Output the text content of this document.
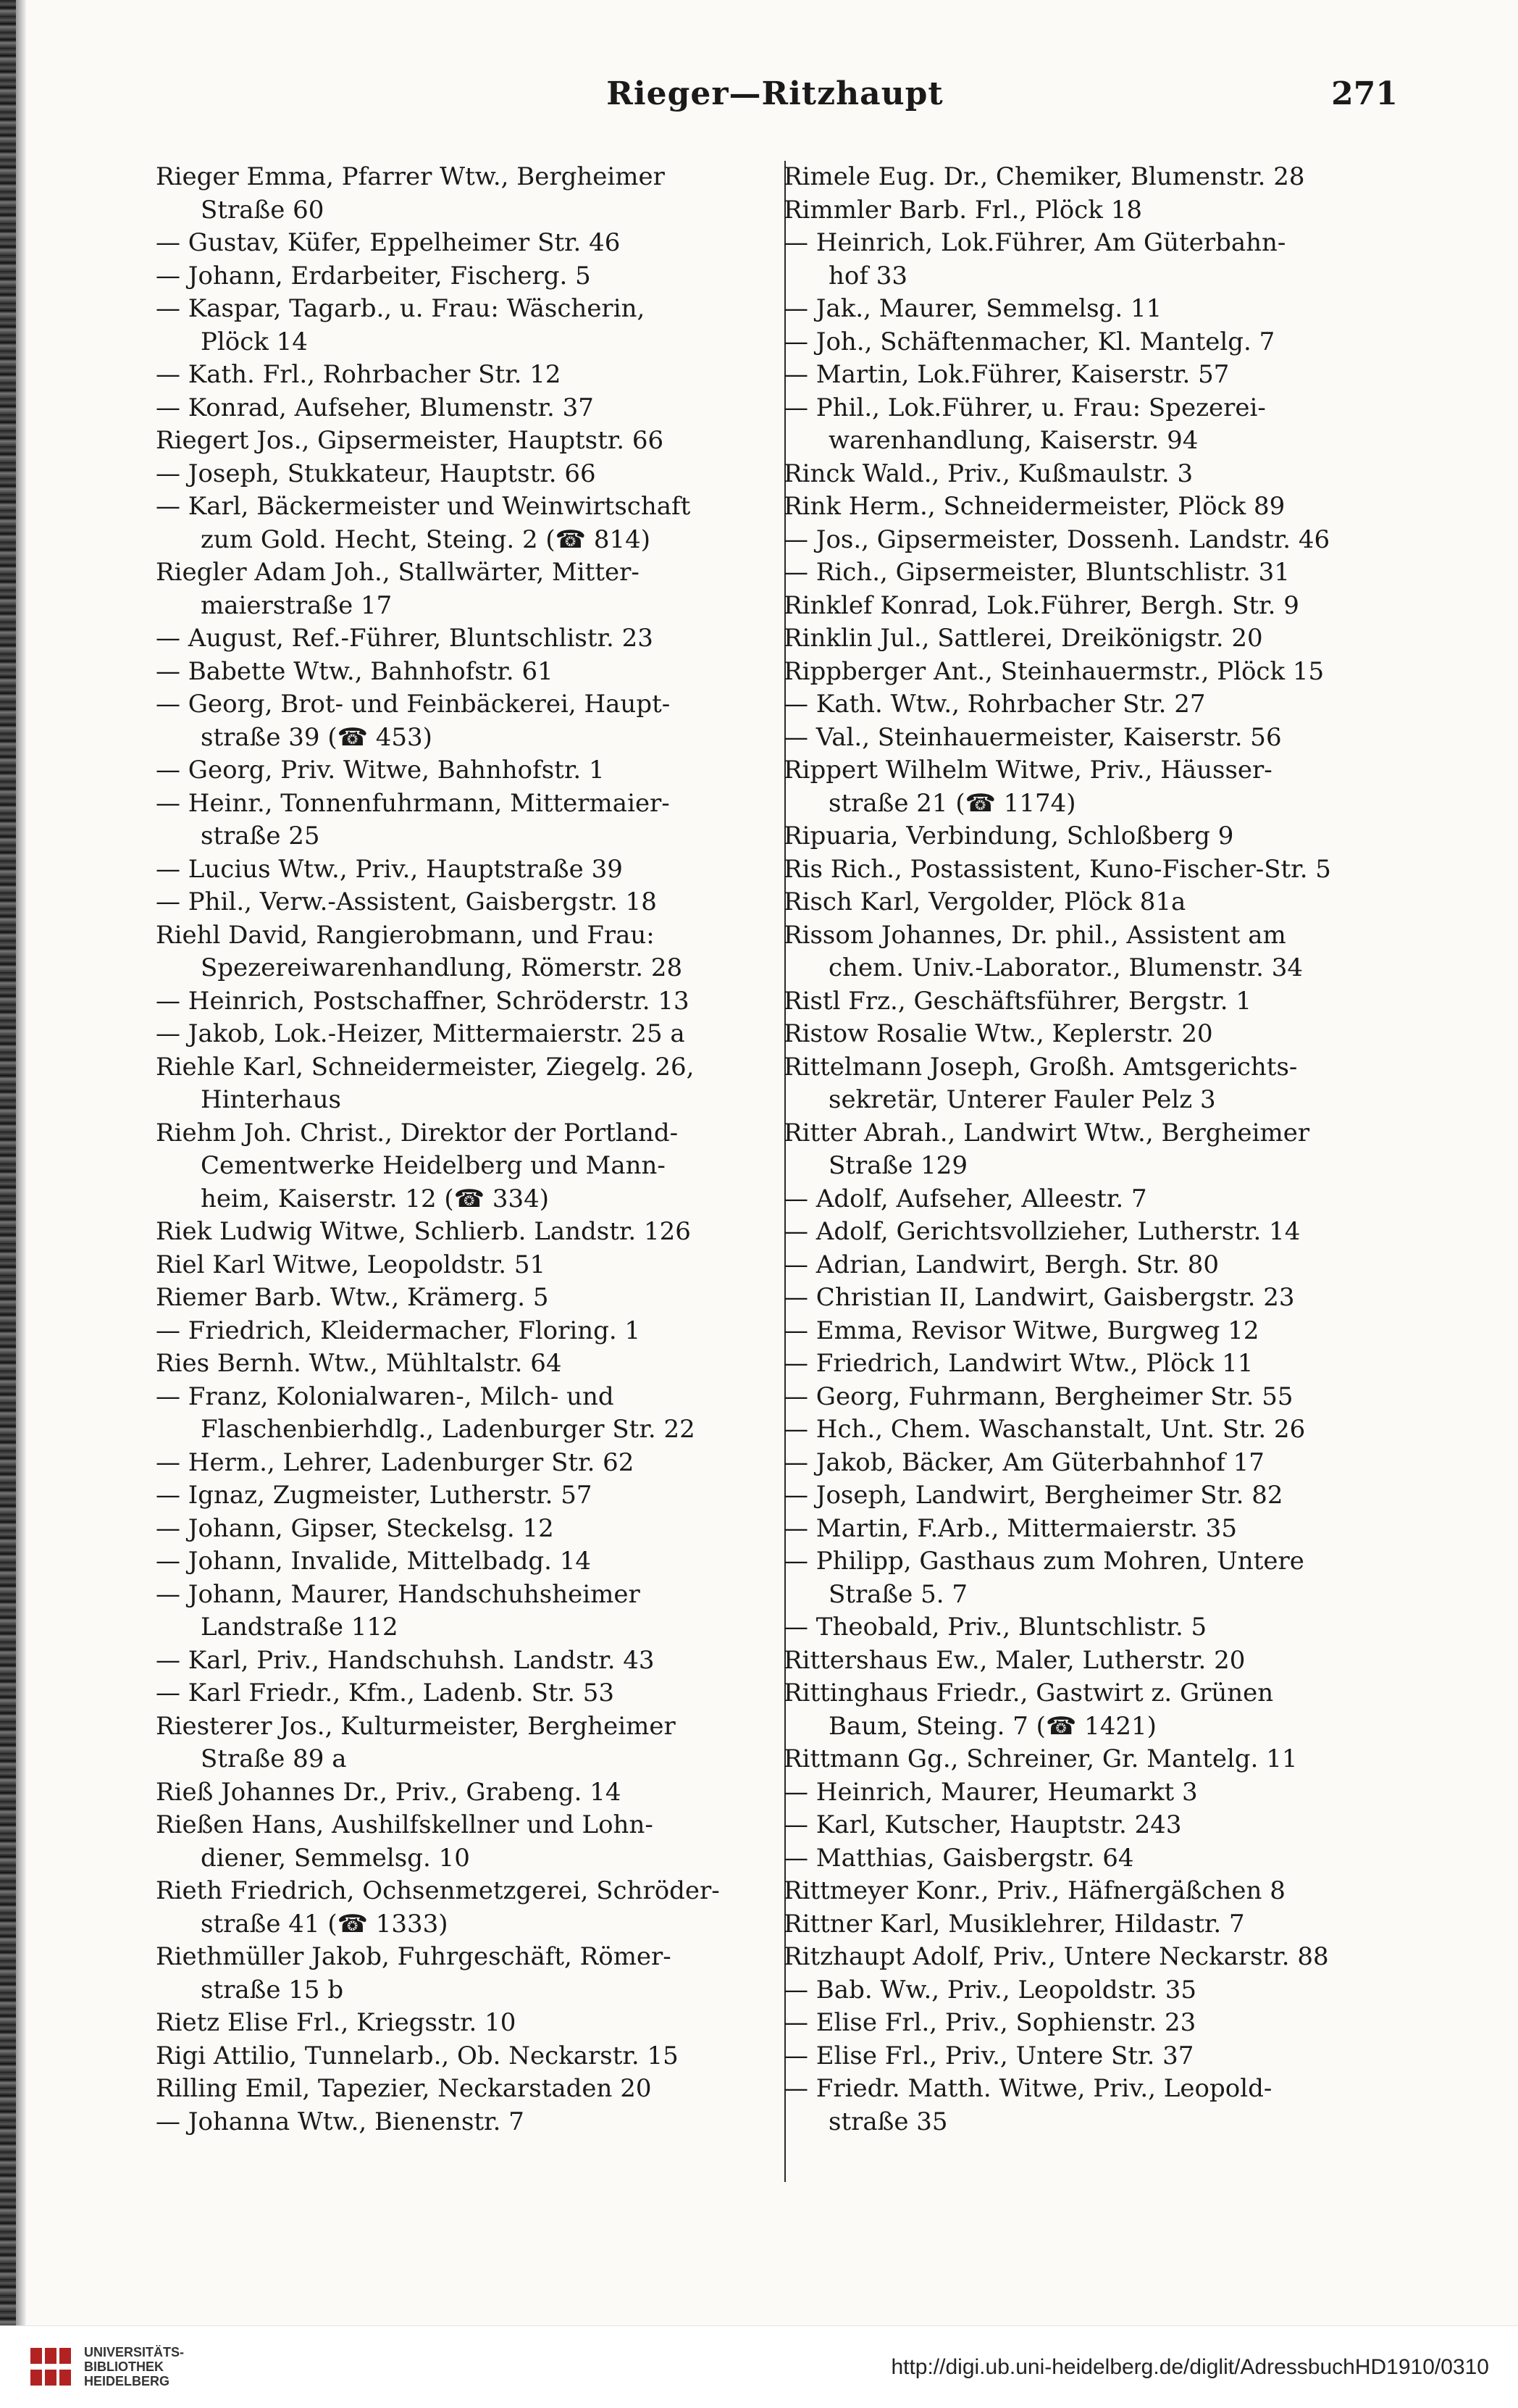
Rieger—Ritzhaupt	271
Rieger Emma, Pfarrer Wtw., Bergheimer
Straße 60
— Gustav, Küfer, Eppelheimer Str. 46
— Johann, Erdarbeiter, Fischerg. 5
— Kaspar, Tagarb., u. Frau: Wäscherin,
Plöck 14
— Kath. Frl., Rohrbacher Str. 12
— Konrad, Aufseher, Blumenstr. 37
Riegert Jos., Gipsermeister, Hauptstr. 66
— Joseph, Stukkateur, Hauptstr. 66
— Karl, Bäckermeister und Weinwirtschaft
zum Gold. Hecht, Steing. 2 (☎ 814)
Riegler Adam Joh., Stallwärter, Mitter-
maierstraße 17
— August, Ref.-Führer, Bluntschlistr. 23
— Babette Wtw., Bahnhofstr. 61
— Georg, Brot- und Feinbäckerei, Haupt-
straße 39 (☎ 453)
— Georg, Priv. Witwe, Bahnhofstr. 1
— Heinr., Tonnenfuhrmann, Mittermaier-
straße 25
— Lucius Wtw., Priv., Hauptstraße 39
— Phil., Verw.-Assistent, Gaisbergstr. 18
Riehl David, Rangierobmann, und Frau:
Spezereiwarenhandlung, Römerstr. 28
— Heinrich, Postschaffner, Schröderstr. 13
— Jakob, Lok.-Heizer, Mittermaierstr. 25 a
Riehle Karl, Schneidermeister, Ziegelg. 26,
Hinterhaus
Riehm Joh. Christ., Direktor der Portland-
Cementwerke Heidelberg und Mann-
heim, Kaiserstr. 12 (☎ 334)
Riek Ludwig Witwe, Schlierb. Landstr. 126
Riel Karl Witwe, Leopoldstr. 51
Riemer Barb. Wtw., Krämerg. 5
— Friedrich, Kleidermacher, Floring. 1
Ries Bernh. Wtw., Mühltalstr. 64
— Franz, Kolonialwaren-, Milch- und
Flaschenbierhdlg., Ladenburger Str. 22
— Herm., Lehrer, Ladenburger Str. 62
— Ignaz, Zugmeister, Lutherstr. 57
— Johann, Gipser, Steckelsg. 12
— Johann, Invalide, Mittelbadg. 14
— Johann, Maurer, Handschuhsheimer
Landstraße 112
— Karl, Priv., Handschuhsh. Landstr. 43
— Karl Friedr., Kfm., Ladenb. Str. 53
Riesterer Jos., Kulturmeister, Bergheimer
Straße 89 a
Rieß Johannes Dr., Priv., Grabeng. 14
Rießen Hans, Aushilfskellner und Lohn-
diener, Semmelsg. 10
Rieth Friedrich, Ochsenmetzgerei, Schröder-
straße 41 (☎ 1333)
Riethmüller Jakob, Fuhrgeschäft, Römer-
straße 15 b
Rietz Elise Frl., Kriegsstr. 10
Rigi Attilio, Tunnelarb., Ob. Neckarstr. 15
Rilling Emil, Tapezier, Neckarstaden 20
— Johanna Wtw., Bienenstr. 7
Rimele Eug. Dr., Chemiker, Blumenstr. 28
Rimmler Barb. Frl., Plöck 18
— Heinrich, Lok.Führer, Am Güterbahn-
hof 33
— Jak., Maurer, Semmelsg. 11
— Joh., Schäftenmacher, Kl. Mantelg. 7
— Martin, Lok.Führer, Kaiserstr. 57
— Phil., Lok.Führer, u. Frau: Spezerei-
warenhandlung, Kaiserstr. 94
Rinck Wald., Priv., Kußmaulstr. 3
Rink Herm., Schneidermeister, Plöck 89
— Jos., Gipsermeister, Dossenh. Landstr. 46
— Rich., Gipsermeister, Bluntschlistr. 31
Rinklef Konrad, Lok.Führer, Bergh. Str. 9
Rinklin Jul., Sattlerei, Dreikönigstr. 20
Rippberger Ant., Steinhauermstr., Plöck 15
— Kath. Wtw., Rohrbacher Str. 27
— Val., Steinhauermeister, Kaiserstr. 56
Rippert Wilhelm Witwe, Priv., Häusser-
straße 21 (☎ 1174)
Ripuaria, Verbindung, Schloßberg 9
Ris Rich., Postassistent, Kuno-Fischer-Str. 5
Risch Karl, Vergolder, Plöck 81a
Rissom Johannes, Dr. phil., Assistent am
chem. Univ.-Laborator., Blumenstr. 34
Ristl Frz., Geschäftsführer, Bergstr. 1
Ristow Rosalie Wtw., Keplerstr. 20
Rittelmann Joseph, Großh. Amtsgerichts-
sekretär, Unterer Fauler Pelz 3
Ritter Abrah., Landwirt Wtw., Bergheimer
Straße 129
— Adolf, Aufseher, Alleestr. 7
— Adolf, Gerichtsvollzieher, Lutherstr. 14
— Adrian, Landwirt, Bergh. Str. 80
— Christian II, Landwirt, Gaisbergstr. 23
— Emma, Revisor Witwe, Burgweg 12
— Friedrich, Landwirt Wtw., Plöck 11
— Georg, Fuhrmann, Bergheimer Str. 55
— Hch., Chem. Waschanstalt, Unt. Str. 26
— Jakob, Bäcker, Am Güterbahnhof 17
— Joseph, Landwirt, Bergheimer Str. 82
— Martin, F.Arb., Mittermaierstr. 35
— Philipp, Gasthaus zum Mohren, Untere
Straße 5. 7
— Theobald, Priv., Bluntschlistr. 5
Rittershaus Ew., Maler, Lutherstr. 20
Rittinghaus Friedr., Gastwirt z. Grünen
Baum, Steing. 7 (☎ 1421)
Rittmann Gg., Schreiner, Gr. Mantelg. 11
— Heinrich, Maurer, Heumarkt 3
— Karl, Kutscher, Hauptstr. 243
— Matthias, Gaisbergstr. 64
Rittmeyer Konr., Priv., Häfnergäßchen 8
Rittner Karl, Musiklehrer, Hildastr. 7
Ritzhaupt Adolf, Priv., Untere Neckarstr. 88
— Bab. Ww., Priv., Leopoldstr. 35
— Elise Frl., Priv., Sophienstr. 23
— Elise Frl., Priv., Untere Str. 37
— Friedr. Matth. Witwe, Priv., Leopold-
straße 35
UNIVERSITÄTS-
BIBLIOTHEK
HEIDELBERG
http://digi.ub.uni-heidelberg.de/diglit/AdressbuchHD1910/0310
